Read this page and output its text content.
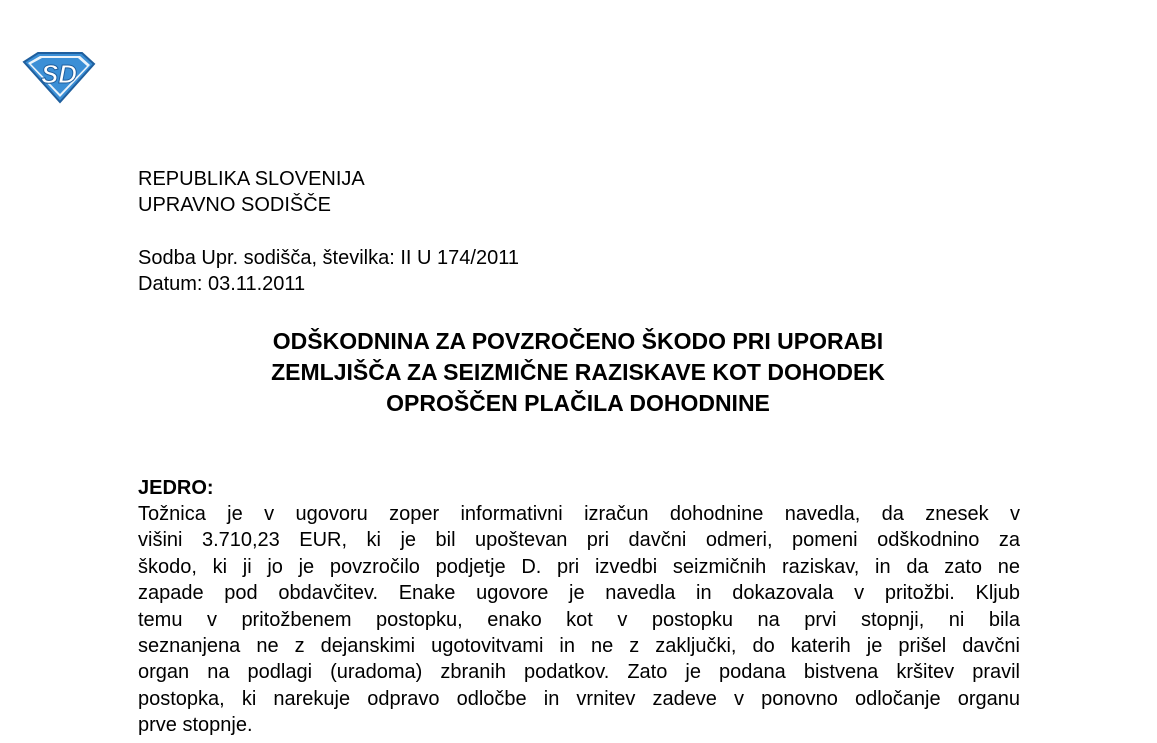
SD
REPUBLIKA SLOVENIJA
UPRAVNO SODIŠČE
Sodba Upr. sodišča, številka: II U 174/2011
Datum: 03.11.2011
ODŠKODNINA ZA POVZROČENO ŠKODO PRI UPORABI
ZEMLJIŠČA ZA SEIZMIČNE RAZISKAVE KOT DOHODEK
OPROŠČEN PLAČILA DOHODNINE
JEDRO:
Tožnica je v ugovoru zoper informativni izračun dohodnine navedla, da znesek v
višini 3.710,23 EUR, ki je bil upoštevan pri davčni odmeri, pomeni odškodnino za
škodo, ki ji jo je povzročilo podjetje D. pri izvedbi seizmičnih raziskav, in da zato ne
zapade pod obdavčitev. Enake ugovore je navedla in dokazovala v pritožbi. Kljub
temu v pritožbenem postopku, enako kot v postopku na prvi stopnji, ni bila
seznanjena ne z dejanskimi ugotovitvami in ne z zaključki, do katerih je prišel davčni
organ na podlagi (uradoma) zbranih podatkov. Zato je podana bistvena kršitev pravil
postopka, ki narekuje odpravo odločbe in vrnitev zadeve v ponovno odločanje organu
prve stopnje.
